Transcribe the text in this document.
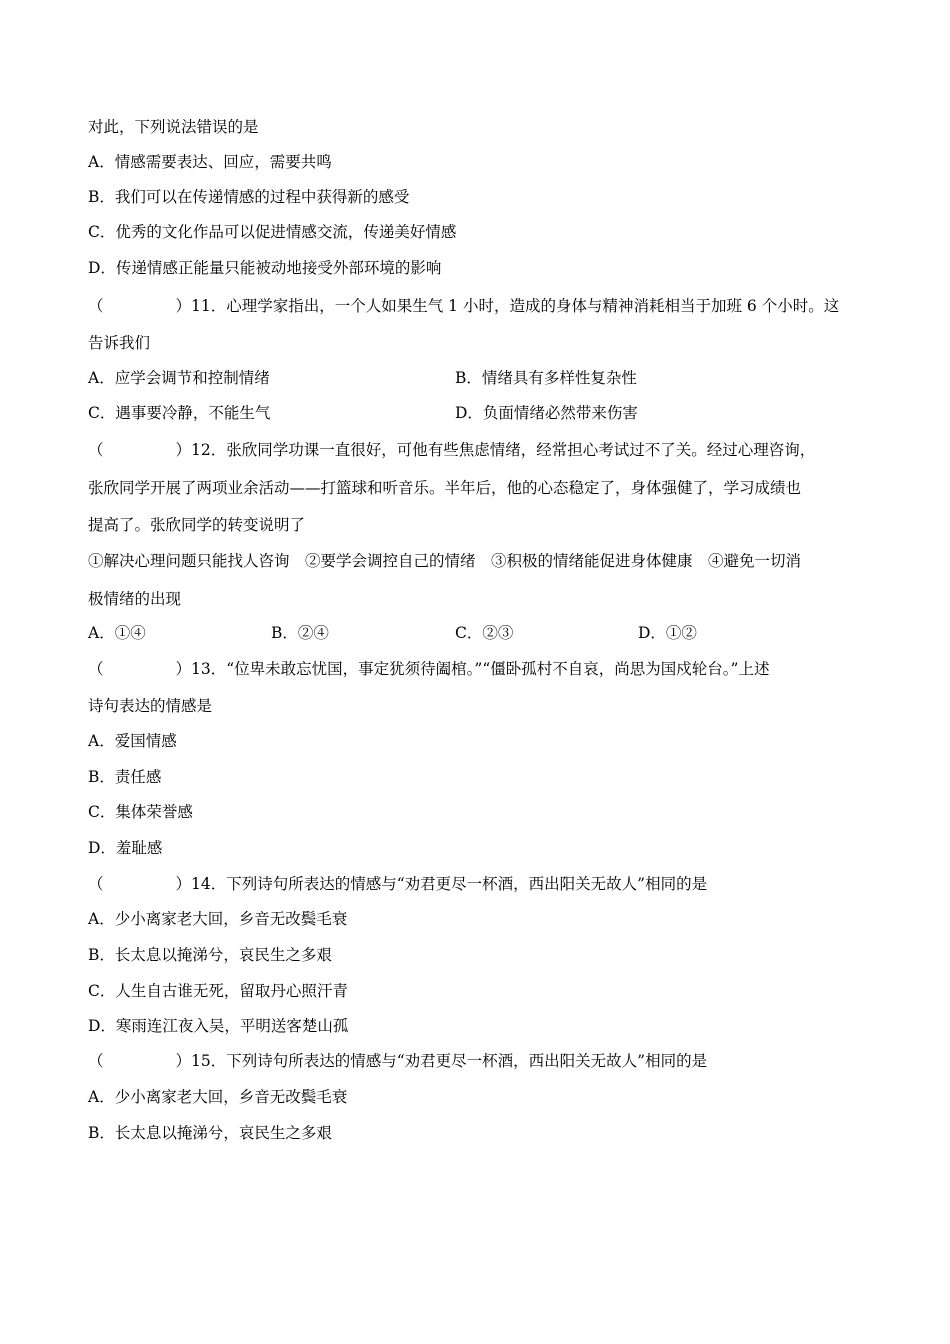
对此，下列说法错误的是
A．情感需要表达、回应，需要共鸣
B．我们可以在传递情感的过程中获得新的感受
C．优秀的文化作品可以促进情感交流，传递美好情感
D．传递情感正能量只能被动地接受外部环境的影响
（	）11．心理学家指出，一个人如果生气 1 小时，造成的身体与精神消耗相当于加班 6 个小时。这
告诉我们
A．应学会调节和控制情绪	B．情绪具有多样性复杂性
C．遇事要冷静，不能生气	D．负面情绪必然带来伤害
（	）12．张欣同学功课一直很好，可他有些焦虑情绪，经常担心考试过不了关。经过心理咨询，
张欣同学开展了两项业余活动——打篮球和听音乐。半年后，他的心态稳定了，身体强健了，学习成绩也
提高了。张欣同学的转变说明了
①解决心理问题只能找人咨询　②要学会调控自己的情绪　③积极的情绪能促进身体健康　④避免一切消
极情绪的出现
A．①④	B．②④	C．②③	D．①②
（	）13．“位卑未敢忘忧国，事定犹须待阖棺。”“僵卧孤村不自哀，尚思为国戍轮台。”上述
诗句表达的情感是
A．爱国情感
B．责任感
C．集体荣誉感
D．羞耻感
（	）14．下列诗句所表达的情感与“劝君更尽一杯酒，西出阳关无故人”相同的是
A．少小离家老大回，乡音无改鬓毛衰
B．长太息以掩涕兮，哀民生之多艰
C．人生自古谁无死，留取丹心照汗青
D．寒雨连江夜入吴，平明送客楚山孤
（	）15．下列诗句所表达的情感与“劝君更尽一杯酒，西出阳关无故人”相同的是
A．少小离家老大回，乡音无改鬓毛衰
B．长太息以掩涕兮，哀民生之多艰
